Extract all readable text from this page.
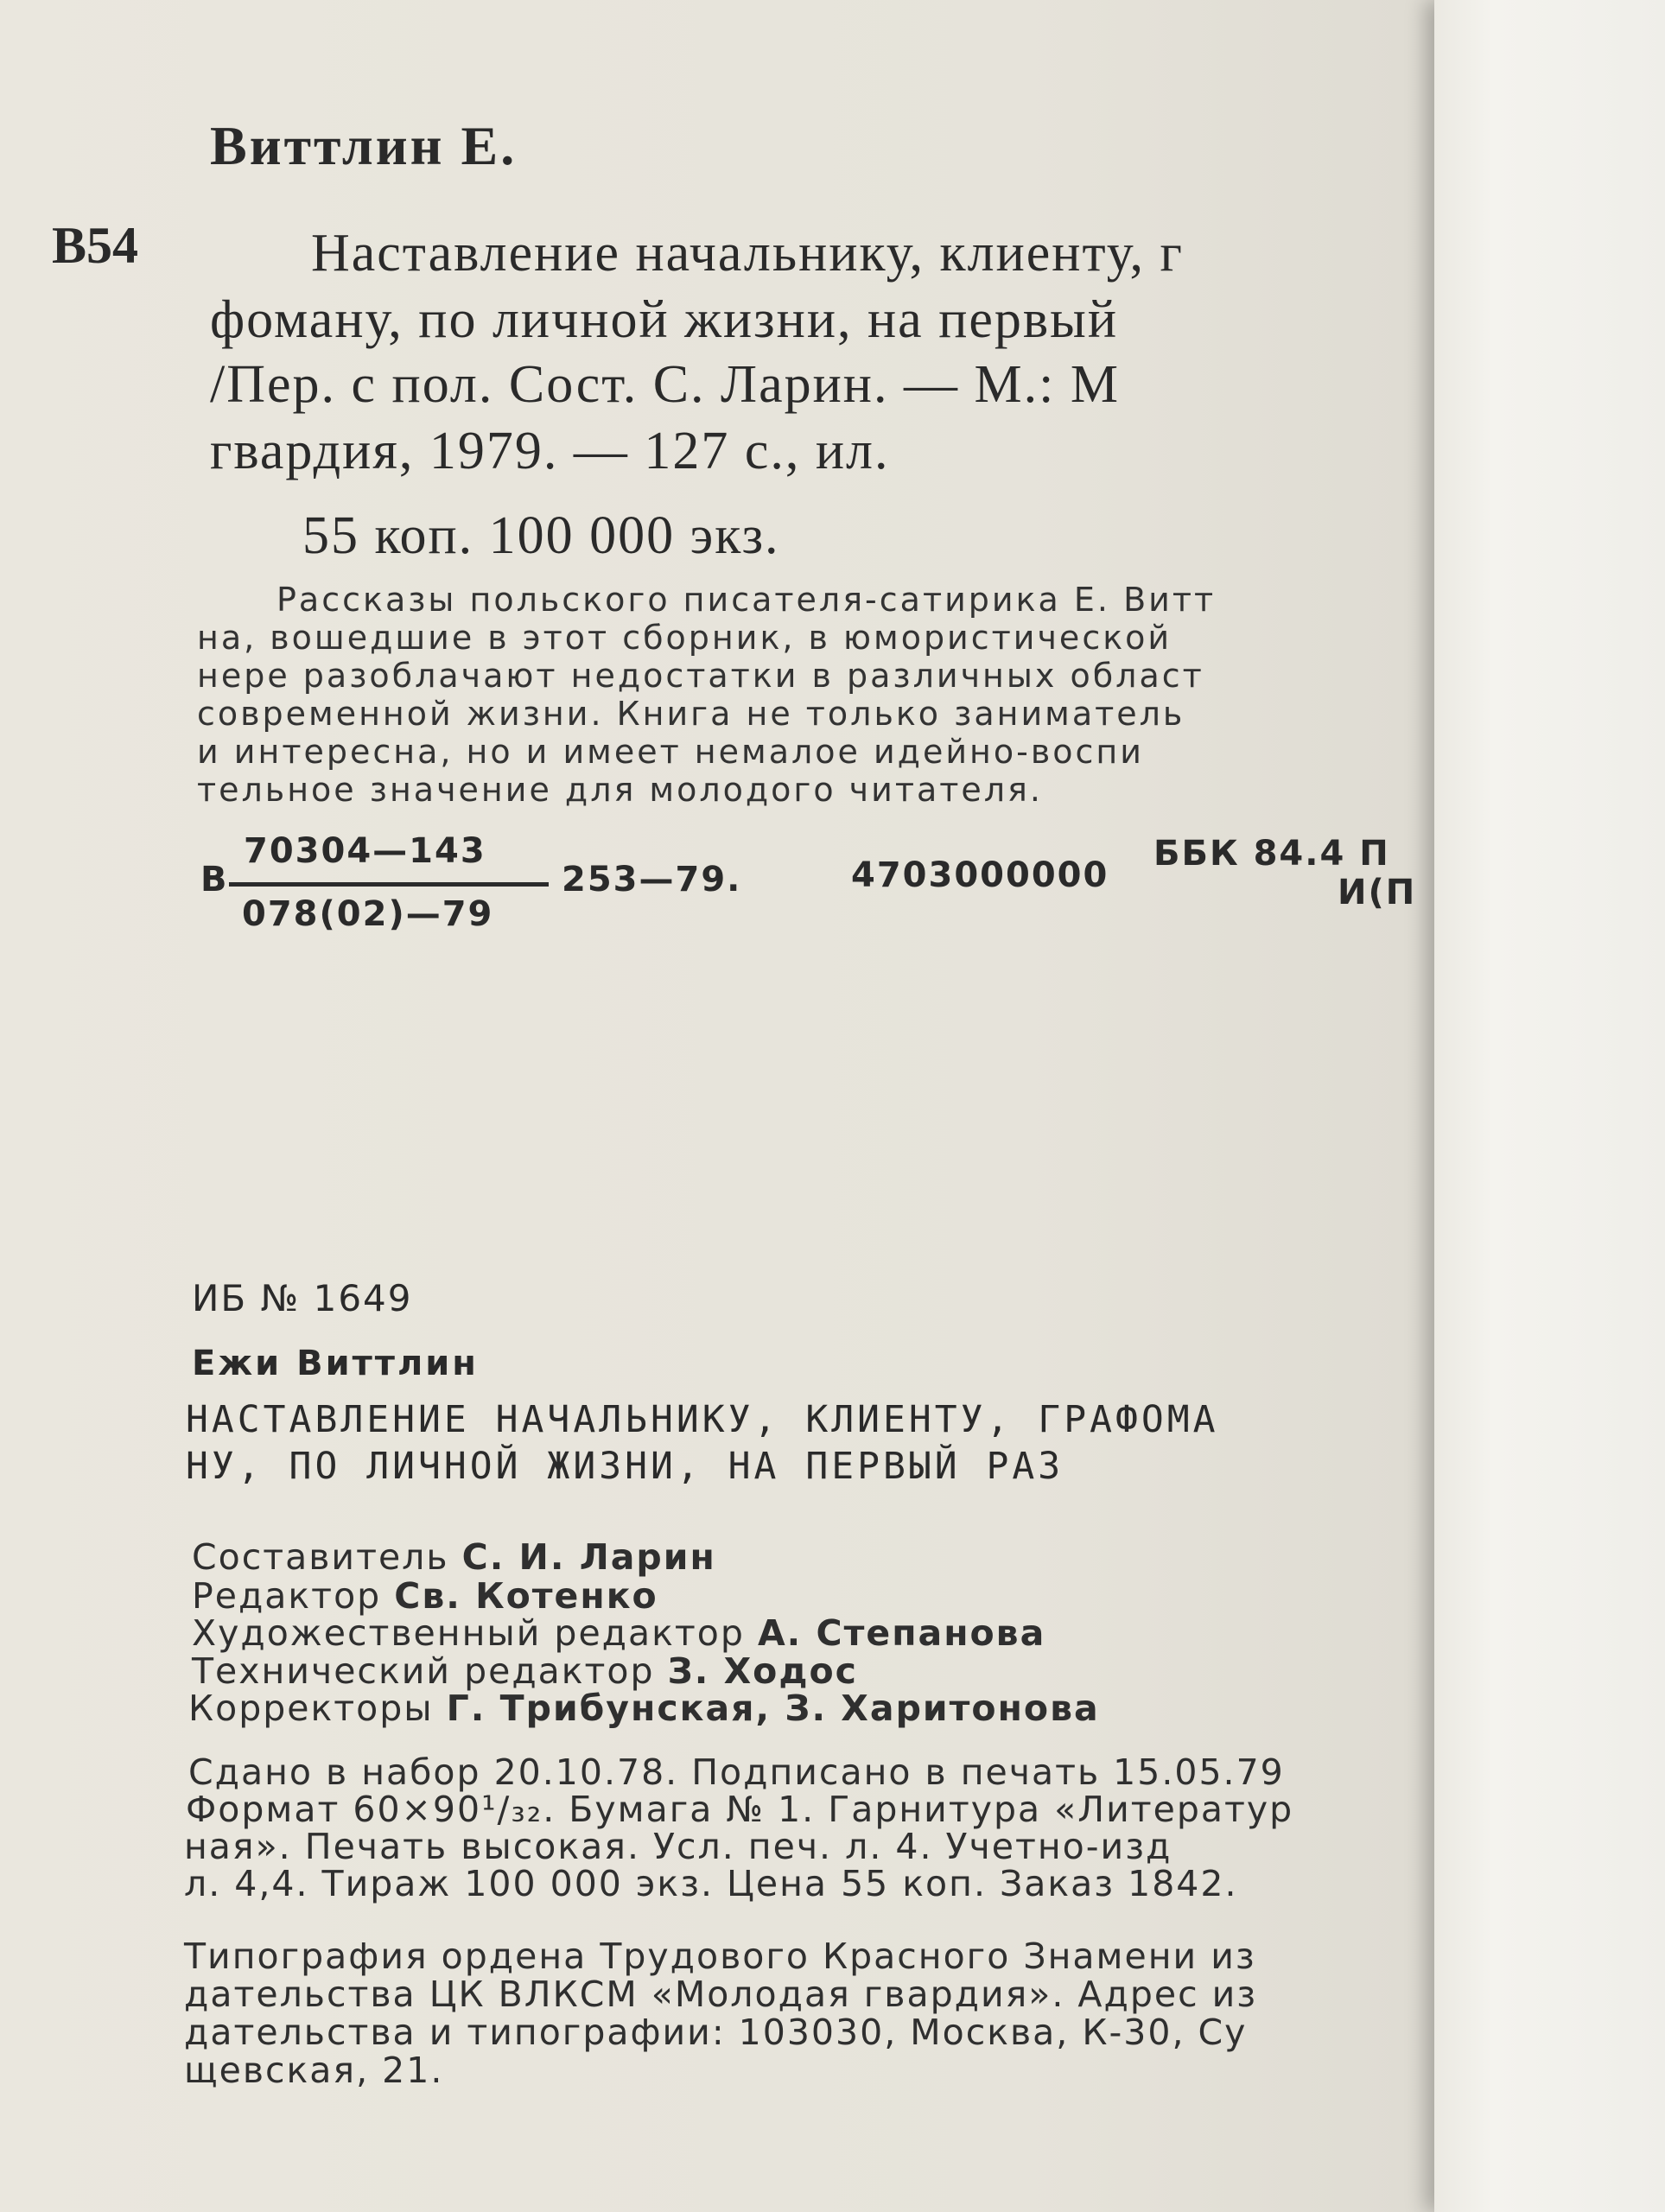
Виттлин Е.
В54	Наставление начальнику, клиенту, г
фоману, по личной жизни, на первый
/Пер. с пол. Сост. С. Ларин. — М.: М
гвардия, 1979. — 127 с., ил.
55 коп. 100 000 экз.
Рассказы польского писателя-сатирика Е. Витт
на, вошедшие в этот сборник, в юмористической
нере разоблачают недостатки в различных област
современной жизни. Книга не только заниматель
и интересна, но и имеет немалое идейно-воспи
тельное значение для молодого читателя.
В
70304—143
078(02)—79
253—79.	4703000000
ББК 84.4 П
И(П
ИБ № 1649
Ежи Виттлин
НАСТАВЛЕНИЕ НАЧАЛЬНИКУ, КЛИЕНТУ, ГРАФОМА
НУ, ПО ЛИЧНОЙ ЖИЗНИ, НА ПЕРВЫЙ РАЗ
Составитель С. И. Ларин
Редактор Св. Котенко
Художественный редактор А. Степанова
Технический редактор З. Ходос
Корректоры Г. Трибунская, З. Харитонова
Сдано в набор 20.10.78. Подписано в печать 15.05.79
Формат 60×90¹/₃₂. Бумага № 1. Гарнитура «Литератур
ная». Печать высокая. Усл. печ. л. 4. Учетно-изд
л. 4,4. Тираж 100 000 экз. Цена 55 коп. Заказ 1842.
Типография ордена Трудового Красного Знамени из
дательства ЦК ВЛКСМ «Молодая гвардия». Адрес из
дательства и типографии: 103030, Москва, К-30, Су
щевская, 21.
